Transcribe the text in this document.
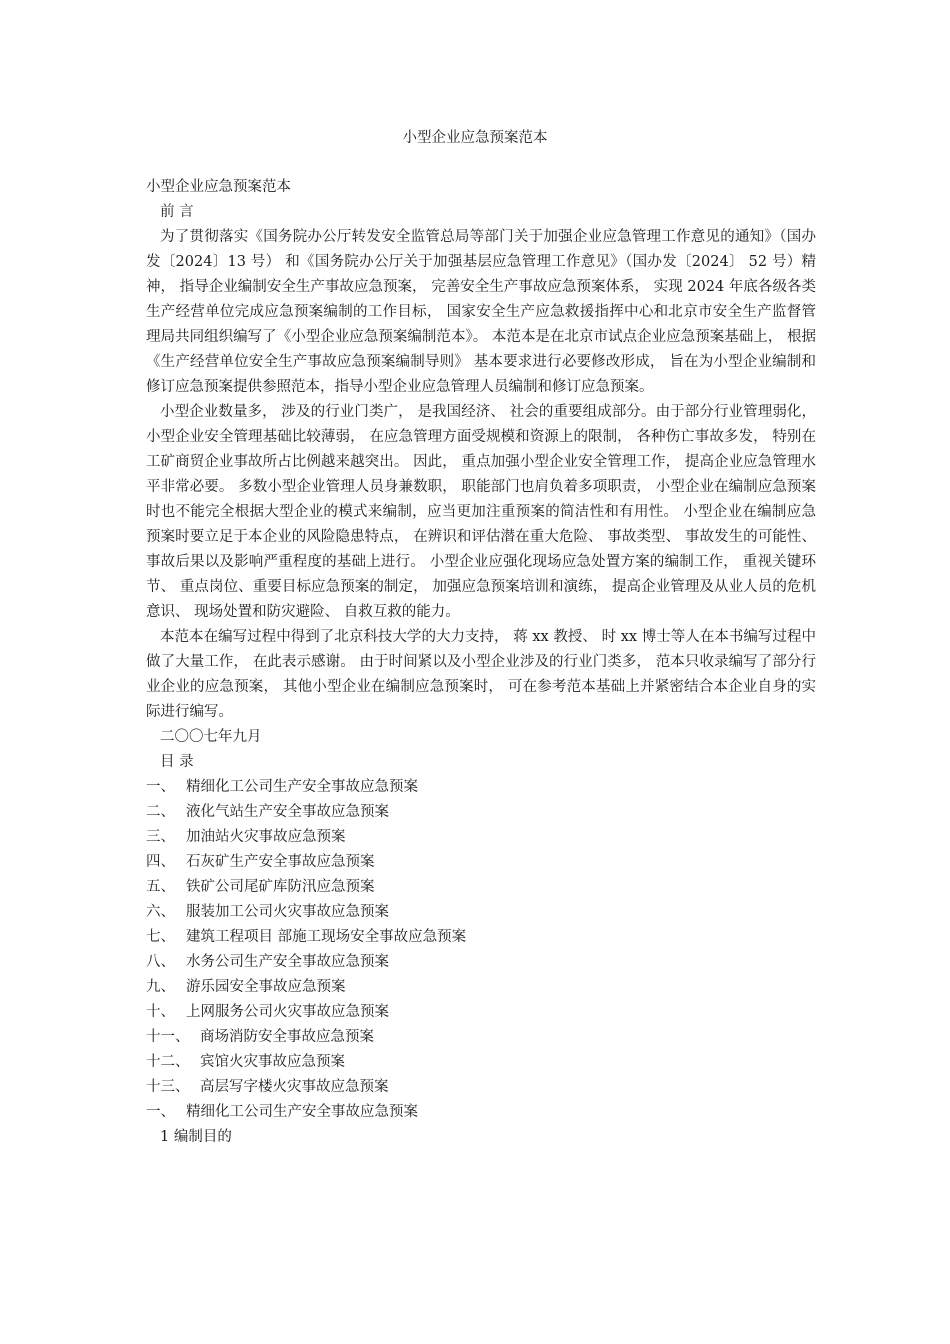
小型企业应急预案范本

小型企业应急预案范本

前 言

为了贯彻落实《国务院办公厅转发安全监管总局等部门关于加强企业应急管理工作意见的通知》（国办发〔2024〕13 号） 和《国务院办公厅关于加强基层应急管理工作意见》（国办发〔2024〕 52 号）精神， 指导企业编制安全生产事故应急预案， 完善安全生产事故应急预案体系， 实现 2024 年底各级各类生产经营单位完成应急预案编制的工作目标， 国家安全生产应急救援指挥中心和北京市安全生产监督管理局共同组织编写了《小型企业应急预案编制范本》。 本范本是在北京市试点企业应急预案基础上， 根据《生产经营单位安全生产事故应急预案编制导则》 基本要求进行必要修改形成， 旨在为小型企业编制和修订应急预案提供参照范本，指导小型企业应急管理人员编制和修订应急预案。

小型企业数量多， 涉及的行业门类广， 是我国经济、 社会的重要组成部分。由于部分行业管理弱化， 小型企业安全管理基础比较薄弱， 在应急管理方面受规模和资源上的限制， 各种伤亡事故多发， 特别在工矿商贸企业事故所占比例越来越突出。 因此， 重点加强小型企业安全管理工作， 提高企业应急管理水平非常必要。 多数小型企业管理人员身兼数职， 职能部门也肩负着多项职责， 小型企业在编制应急预案时也不能完全根据大型企业的模式来编制，应当更加注重预案的简洁性和有用性。 小型企业在编制应急预案时要立足于本企业的风险隐患特点， 在辨识和评估潜在重大危险、 事故类型、 事故发生的可能性、 事故后果以及影响严重程度的基础上进行。 小型企业应强化现场应急处置方案的编制工作， 重视关键环节、 重点岗位、重要目标应急预案的制定， 加强应急预案培训和演练， 提高企业管理及从业人员的危机意识、 现场处置和防灾避险、 自救互救的能力。

本范本在编写过程中得到了北京科技大学的大力支持， 蒋 xx 教授、 时 xx 博士等人在本书编写过程中做了大量工作， 在此表示感谢。 由于时间紧以及小型企业涉及的行业门类多， 范本只收录编写了部分行业企业的应急预案， 其他小型企业在编制应急预案时， 可在参考范本基础上并紧密结合本企业自身的实际进行编写。

二〇〇七年九月

目 录

一、 精细化工公司生产安全事故应急预案

二、 液化气站生产安全事故应急预案

三、 加油站火灾事故应急预案

四、 石灰矿生产安全事故应急预案

五、 铁矿公司尾矿库防汛应急预案

六、 服装加工公司火灾事故应急预案

七、 建筑工程项目 部施工现场安全事故应急预案

八、 水务公司生产安全事故应急预案

九、 游乐园安全事故应急预案

十、 上网服务公司火灾事故应急预案

十一、 商场消防安全事故应急预案

十二、 宾馆火灾事故应急预案

十三、 高层写字楼火灾事故应急预案

一、 精细化工公司生产安全事故应急预案

1 编制目的
